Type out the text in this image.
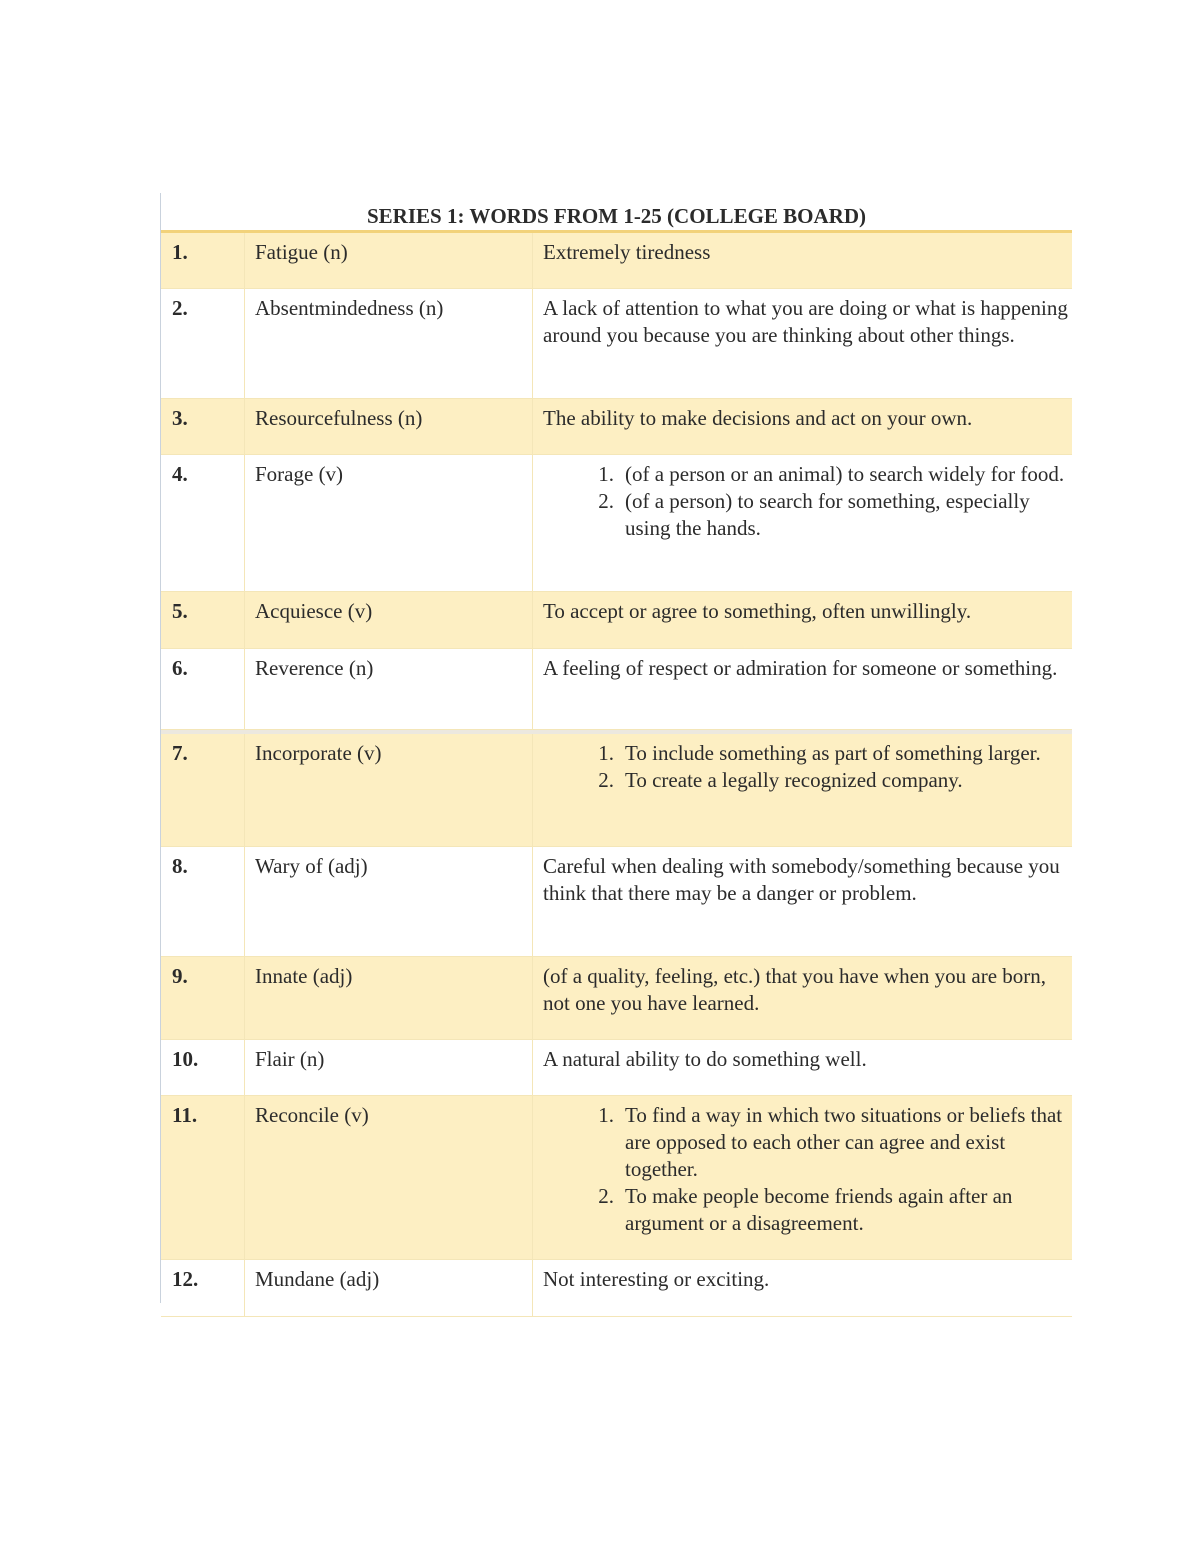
SERIES 1: WORDS FROM 1-25 (COLLEGE BOARD)
1.	Fatigue (n)	Extremely tiredness
2.	Absentmindedness (n)	A lack of attention to what you are doing or what is happening around you because you are thinking about other things.
3.	Resourcefulness (n)	The ability to make decisions and act on your own.
4.	Forage (v)	1. (of a person or an animal) to search widely for food.
2. (of a person) to search for something, especially using the hands.
5.	Acquiesce (v)	To accept or agree to something, often unwillingly.
6.	Reverence (n)	A feeling of respect or admiration for someone or something.
7.	Incorporate (v)	1. To include something as part of something larger.
2. To create a legally recognized company.
8.	Wary of (adj)	Careful when dealing with somebody/something because you think that there may be a danger or problem.
9.	Innate (adj)	(of a quality, feeling, etc.) that you have when you are born, not one you have learned.
10.	Flair (n)	A natural ability to do something well.
11.	Reconcile (v)	1. To find a way in which two situations or beliefs that are opposed to each other can agree and exist together.
2. To make people become friends again after an argument or a disagreement.
12.	Mundane (adj)	Not interesting or exciting.
